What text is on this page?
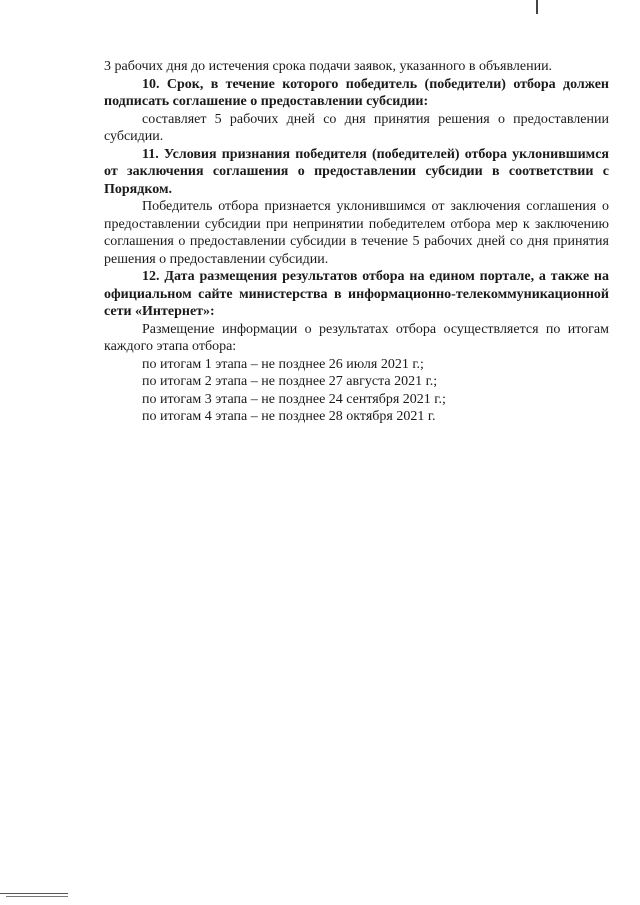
3 рабочих дня до истечения срока подачи заявок, указанного в объявлении.

10. Срок, в течение которого победитель (победители) отбора должен подписать соглашение о предоставлении субсидии:

составляет 5 рабочих дней со дня принятия решения о предоставлении субсидии.

11. Условия признания победителя (победителей) отбора уклонившимся от заключения соглашения о предоставлении субсидии в соответствии с Порядком.

Победитель отбора признается уклонившимся от заключения соглашения о предоставлении субсидии при непринятии победителем отбора мер к заключению соглашения о предоставлении субсидии в течение 5 рабочих дней со дня принятия решения о предоставлении субсидии.

12. Дата размещения результатов отбора на едином портале, а также на официальном сайте министерства в информационно-телекоммуникационной сети «Интернет»:

Размещение информации о результатах отбора осуществляется по итогам каждого этапа отбора:

по итогам 1 этапа – не позднее 26 июля 2021 г.;
по итогам 2 этапа – не позднее 27 августа 2021 г.;
по итогам 3 этапа – не позднее 24 сентября 2021 г.;
по итогам 4 этапа – не позднее 28 октября 2021 г.
